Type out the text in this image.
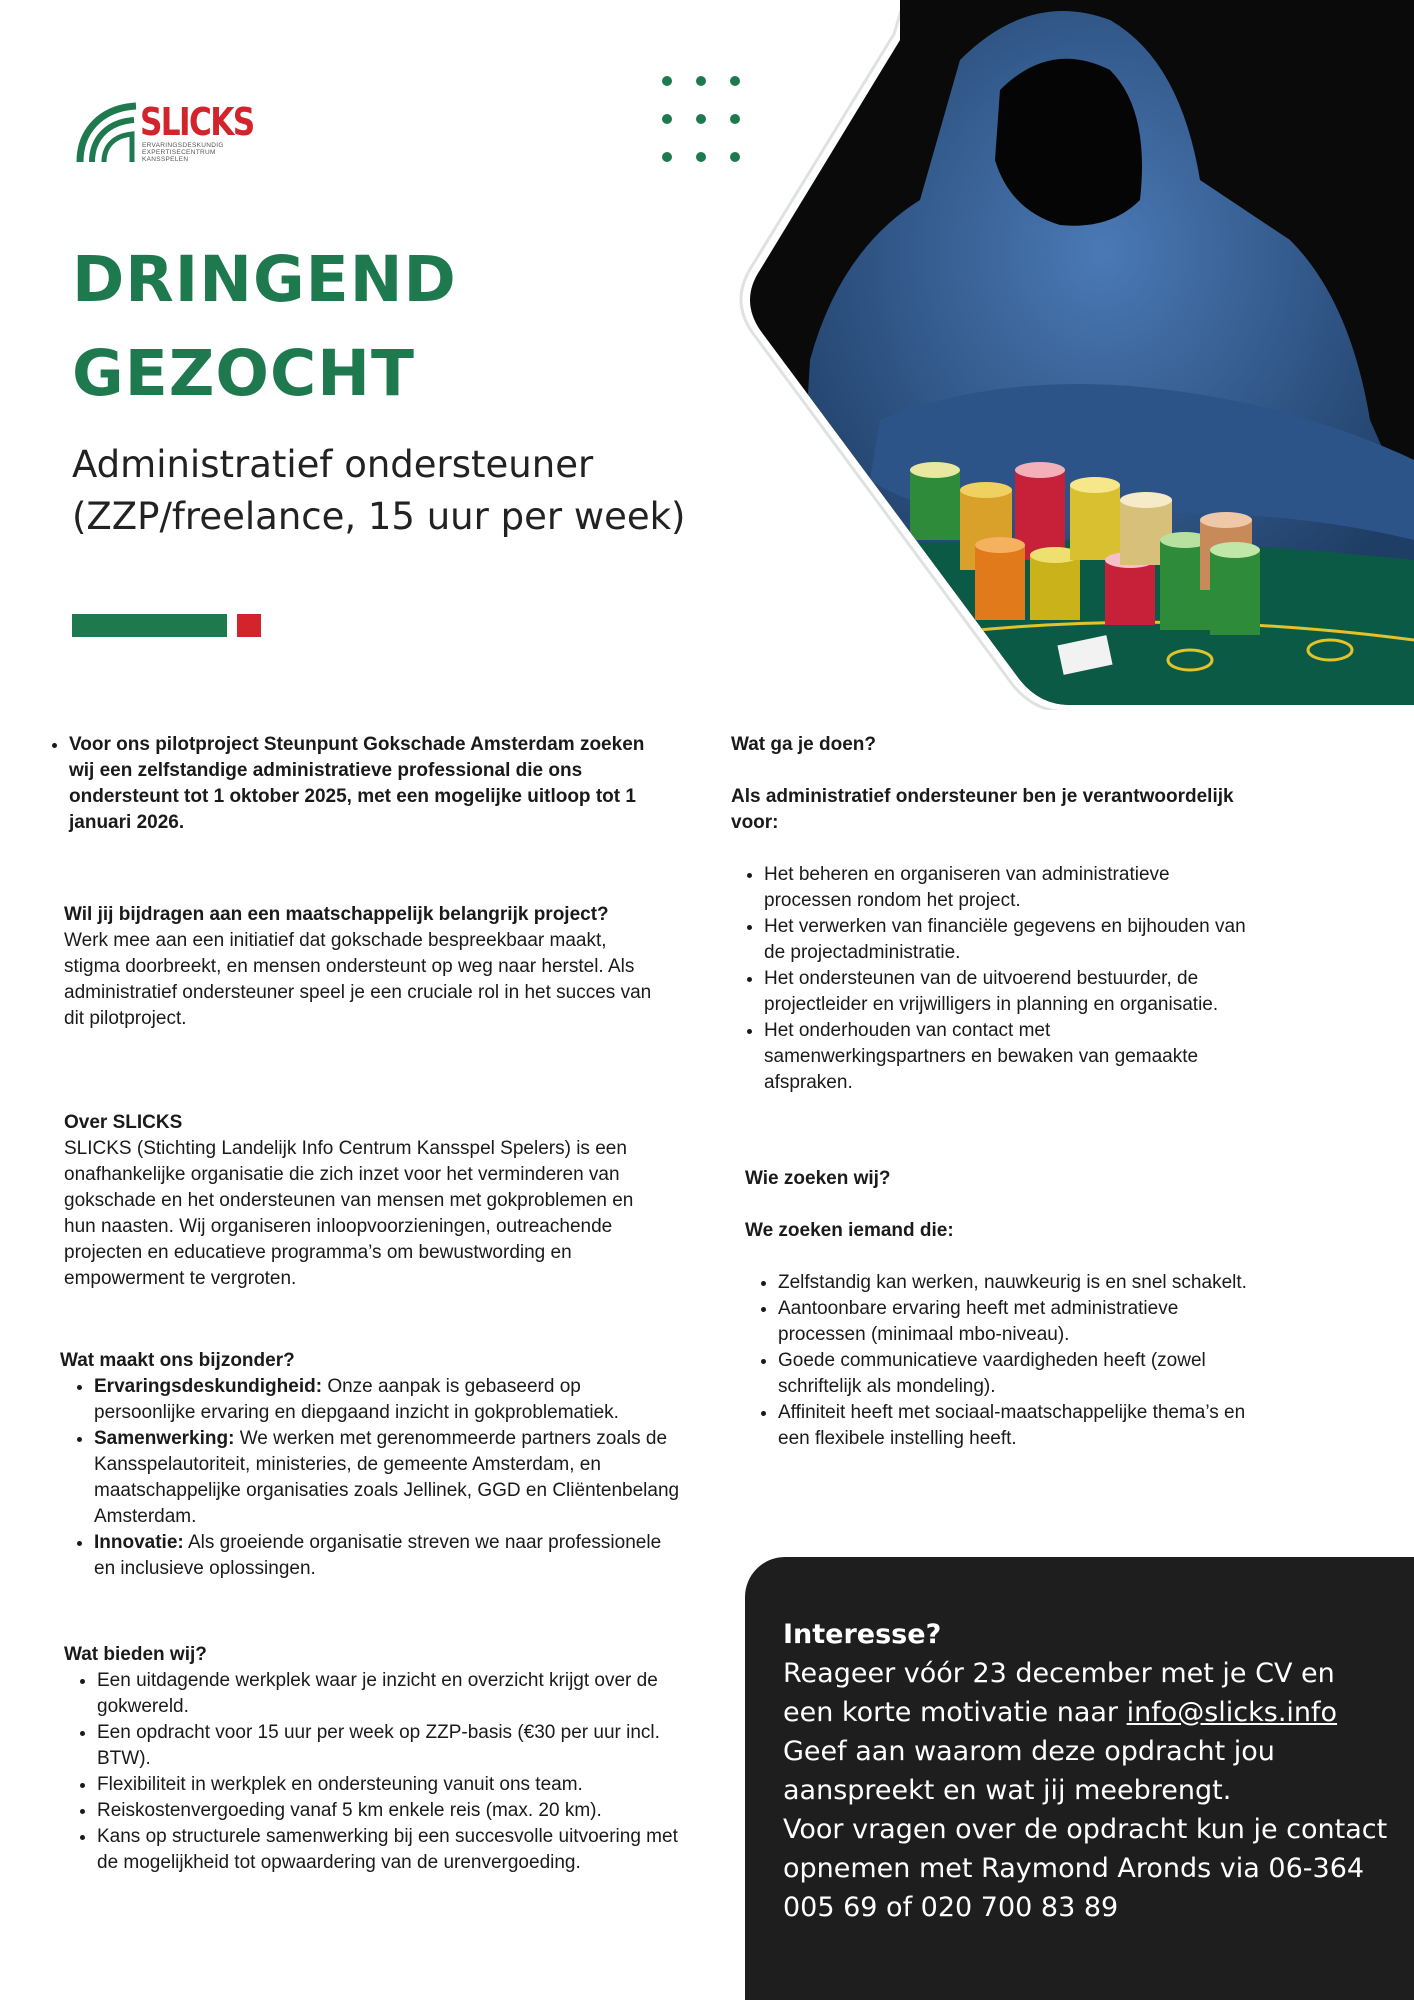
SLICKS
ERVARINGSDESKUNDIG
EXPERTISECENTRUM
KANSSPELEN
DRINGEND
GEZOCHT
Administratief ondersteuner
(ZZP/freelance, 15 uur per week)
• Voor ons pilotproject Steunpunt Gokschade Amsterdam zoeken wij een zelfstandige administratieve professional die ons ondersteunt tot 1 oktober 2025, met een mogelijke uitloop tot 1 januari 2026.
Wil jij bijdragen aan een maatschappelijk belangrijk project?
Werk mee aan een initiatief dat gokschade bespreekbaar maakt, stigma doorbreekt, en mensen ondersteunt op weg naar herstel. Als administratief ondersteuner speel je een cruciale rol in het succes van dit pilotproject.
Over SLICKS
SLICKS (Stichting Landelijk Info Centrum Kansspel Spelers) is een onafhankelijke organisatie die zich inzet voor het verminderen van gokschade en het ondersteunen van mensen met gokproblemen en hun naasten. Wij organiseren inloopvoorzieningen, outreachende projecten en educatieve programma’s om bewustwording en empowerment te vergroten.
Wat maakt ons bijzonder?
• Ervaringsdeskundigheid: Onze aanpak is gebaseerd op persoonlijke ervaring en diepgaand inzicht in gokproblematiek.
• Samenwerking: We werken met gerenommeerde partners zoals de Kansspelautoriteit, ministeries, de gemeente Amsterdam, en maatschappelijke organisaties zoals Jellinek, GGD en Cliëntenbelang Amsterdam.
• Innovatie: Als groeiende organisatie streven we naar professionele en inclusieve oplossingen.
Wat bieden wij?
• Een uitdagende werkplek waar je inzicht en overzicht krijgt over de gokwereld.
• Een opdracht voor 15 uur per week op ZZP-basis (€30 per uur incl. BTW).
• Flexibiliteit in werkplek en ondersteuning vanuit ons team.
• Reiskostenvergoeding vanaf 5 km enkele reis (max. 20 km).
• Kans op structurele samenwerking bij een succesvolle uitvoering met de mogelijkheid tot opwaardering van de urenvergoeding.
Wat ga je doen?
Als administratief ondersteuner ben je verantwoordelijk voor:
• Het beheren en organiseren van administratieve processen rondom het project.
• Het verwerken van financiële gegevens en bijhouden van de projectadministratie.
• Het ondersteunen van de uitvoerend bestuurder, de projectleider en vrijwilligers in planning en organisatie.
• Het onderhouden van contact met samenwerkingspartners en bewaken van gemaakte afspraken.
Wie zoeken wij?
We zoeken iemand die:
• Zelfstandig kan werken, nauwkeurig is en snel schakelt.
• Aantoonbare ervaring heeft met administratieve processen (minimaal mbo-niveau).
• Goede communicatieve vaardigheden heeft (zowel schriftelijk als mondeling).
• Affiniteit heeft met sociaal-maatschappelijke thema’s en een flexibele instelling heeft.
Interesse?
Reageer vóór 23 december met je CV en een korte motivatie naar info@slicks.info
Geef aan waarom deze opdracht jou aanspreekt en wat jij meebrengt.
Voor vragen over de opdracht kun je contact opnemen met Raymond Aronds via 06-364 005 69 of 020 700 83 89
